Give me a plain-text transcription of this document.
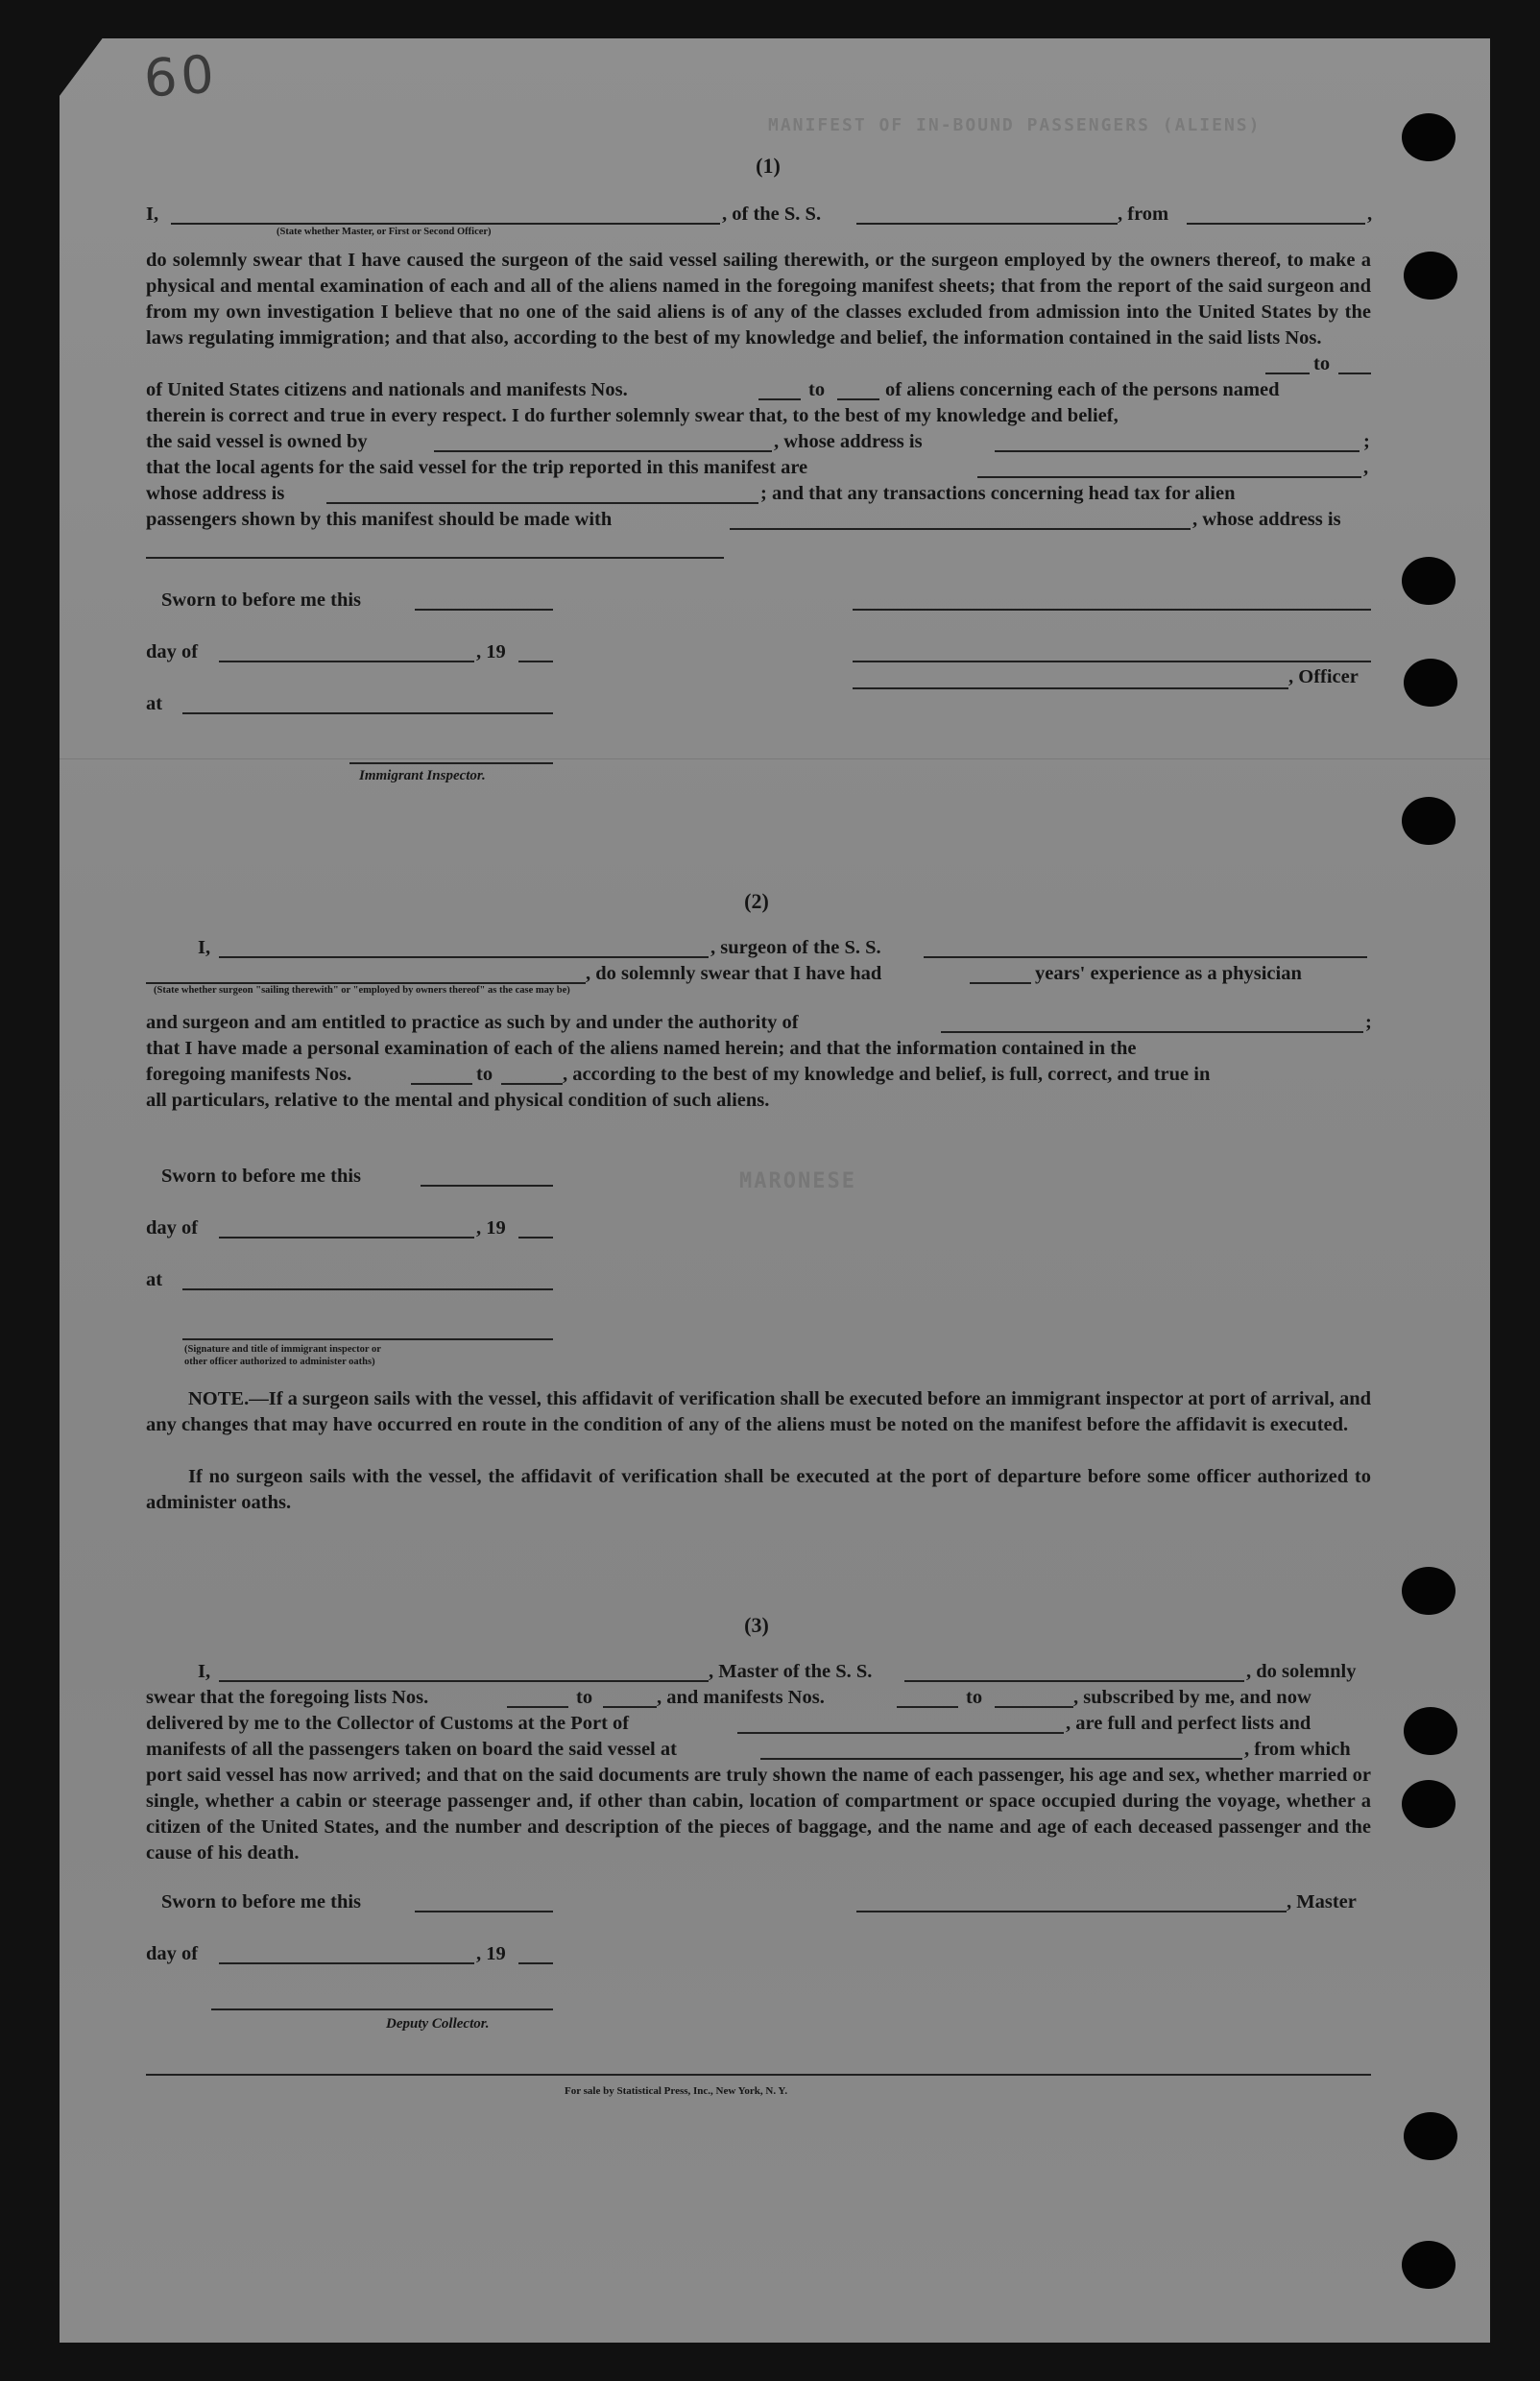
60
MANIFEST OF IN-BOUND PASSENGERS (ALIENS)
MARONESE
(1)
I,	, of the S. S.	, from	,
(State whether Master, or First or Second Officer)
do solemnly swear that I have caused the surgeon of the said vessel sailing therewith, or the surgeon employed by the owners thereof, to make a physical and mental examination of each and all of the aliens named in the foregoing manifest sheets; that from the report of the said surgeon and from my own investigation I believe that no one of the said aliens is of any of the classes excluded from admission into the United States by the laws regulating immigration; and that also, according to the best of my knowledge and belief, the information contained in the said lists Nos.
to
of United States citizens and nationals and manifests Nos.	to	of aliens concerning each of the persons named
therein is correct and true in every respect. I do further solemnly swear that, to the best of my knowledge and belief,
the said vessel is owned by	, whose address is	;
that the local agents for the said vessel for the trip reported in this manifest are	,
whose address is	; and that any transactions concerning head tax for alien
passengers shown by this manifest should be made with	, whose address is
Sworn to before me this
day of	, 19
at
, Officer
Immigrant Inspector.
(2)
I,	, surgeon of the S. S.
, do solemnly swear that I have had	years' experience as a physician
(State whether surgeon "sailing therewith" or "employed by owners thereof" as the case may be)
and surgeon and am entitled to practice as such by and under the authority of	;
that I have made a personal examination of each of the aliens named herein; and that the information contained in the
foregoing manifests Nos.	to	, according to the best of my knowledge and belief, is full, correct, and true in
all particulars, relative to the mental and physical condition of such aliens.
Sworn to before me this
day of	, 19
at
(Signature and title of immigrant inspector or
other officer authorized to administer oaths)
NOTE.—If a surgeon sails with the vessel, this affidavit of verification shall be executed before an immigrant inspector at port of arrival, and any changes that may have occurred en route in the condition of any of the aliens must be noted on the manifest before the affidavit is executed.
If no surgeon sails with the vessel, the affidavit of verification shall be executed at the port of departure before some officer authorized to administer oaths.
(3)
I,	, Master of the S. S.	, do solemnly
swear that the foregoing lists Nos.	to	, and manifests Nos.	to	, subscribed by me, and now
delivered by me to the Collector of Customs at the Port of	, are full and perfect lists and
manifests of all the passengers taken on board the said vessel at	, from which
port said vessel has now arrived; and that on the said documents are truly shown the name of each passenger, his age and sex, whether married or single, whether a cabin or steerage passenger and, if other than cabin, location of compartment or space occupied during the voyage, whether a citizen of the United States, and the number and description of the pieces of baggage, and the name and age of each deceased passenger and the cause of his death.
Sworn to before me this	, Master
day of	, 19
Deputy Collector.
For sale by Statistical Press, Inc., New York, N. Y.
